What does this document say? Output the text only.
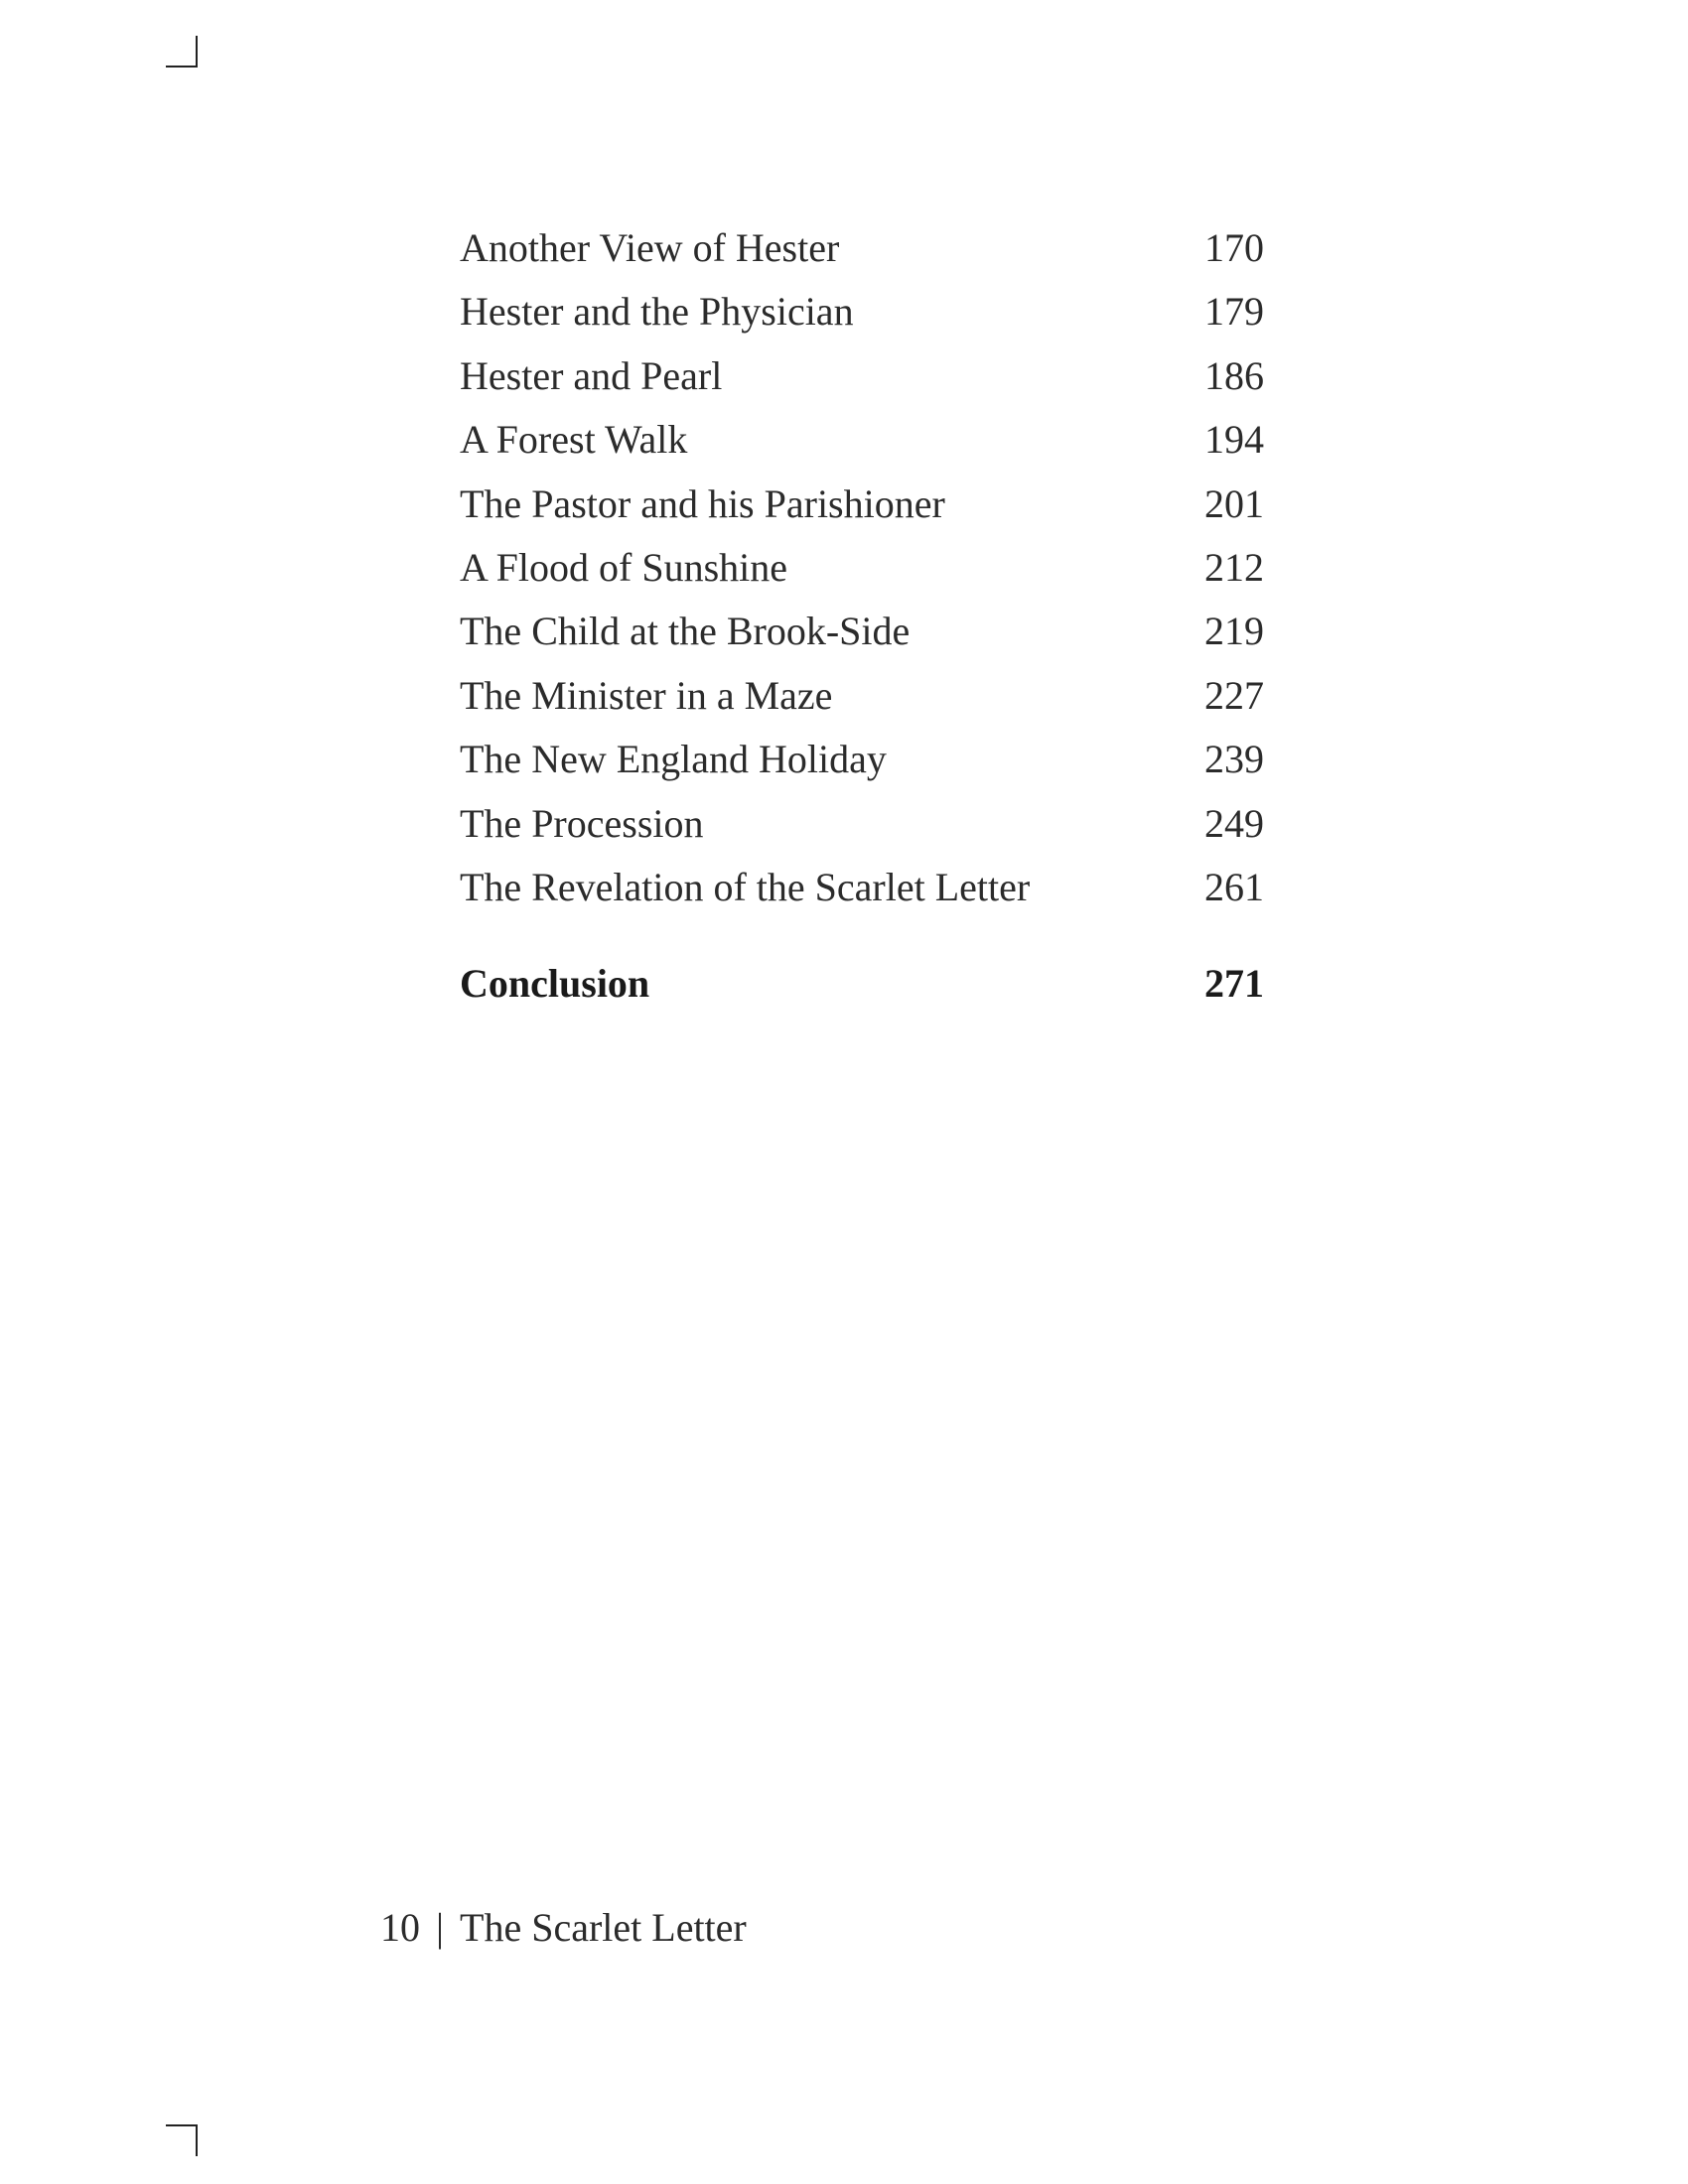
Another View of Hester	170
Hester and the Physician	179
Hester and Pearl	186
A Forest Walk	194
The Pastor and his Parishioner	201
A Flood of Sunshine	212
The Child at the Brook-Side	219
The Minister in a Maze	227
The New England Holiday	239
The Procession	249
The Revelation of the Scarlet Letter	261
Conclusion	271
10 | The Scarlet Letter
